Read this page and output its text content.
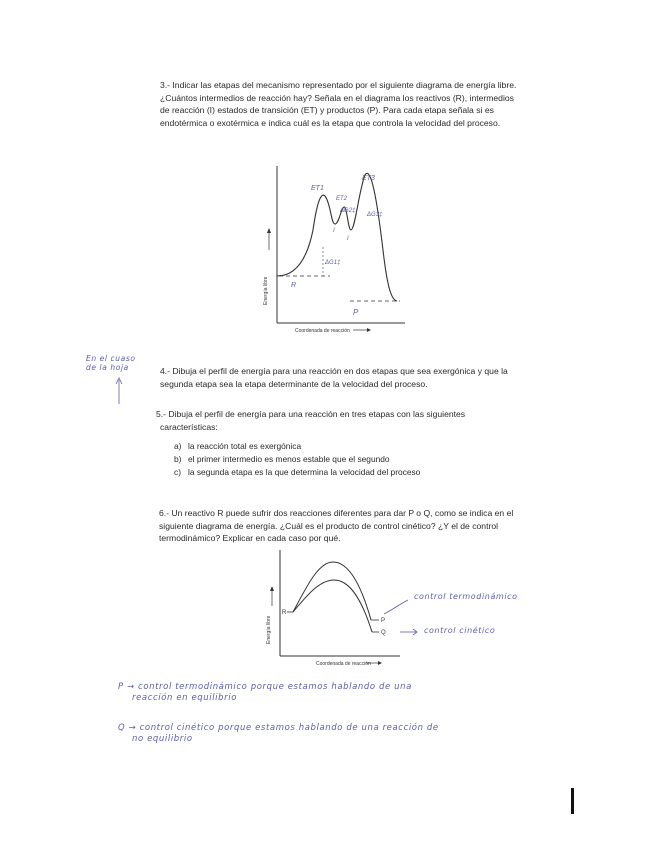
3.- Indicar las etapas del mecanismo representado por el siguiente diagrama de energía libre.
¿Cuántos intermedios de reacción hay? Señala en el diagrama los reactivos (R), intermedios
de reacción (I) estados de transición (ET) y productos (P). Para cada etapa señala si es
endotérmica o exotérmica e indica cuál es la etapa que controla la velocidad del proceso.
Energía libre
Coordenada de reacción
ET1
ET2
ET3
ΔG2‡
ΔG3‡
I
I
ΔG1‡
R
P
En el cuaso
de la hoja	4.- Dibuja el perfil de energía para una reacción en dos etapas que sea exergónica y que la
segunda etapa sea la etapa determinante de la velocidad del proceso.
5.- Dibuja el perfil de energía para una reacción en tres etapas con las siguientes
características:
a) la reacción total es exergónica
b) el primer intermedio es menos estable que el segundo
c) la segunda etapa es la que determina la velocidad del proceso
6.- Un reactivo R puede sufrir dos reacciones diferentes para dar P o Q, como se indica en el
siguiente diagrama de energía. ¿Cuál es el producto de control cinético? ¿Y el de control
termodinámico? Explicar en cada caso por qué.
Energía libre
Coordenada de reacción
R
P
Q
control termodinámico
control cinético
P → control termodinámico porque estamos hablando de una
reacción en equilibrio
Q → control cinético porque estamos hablando de una reacción de
no equilibrio
